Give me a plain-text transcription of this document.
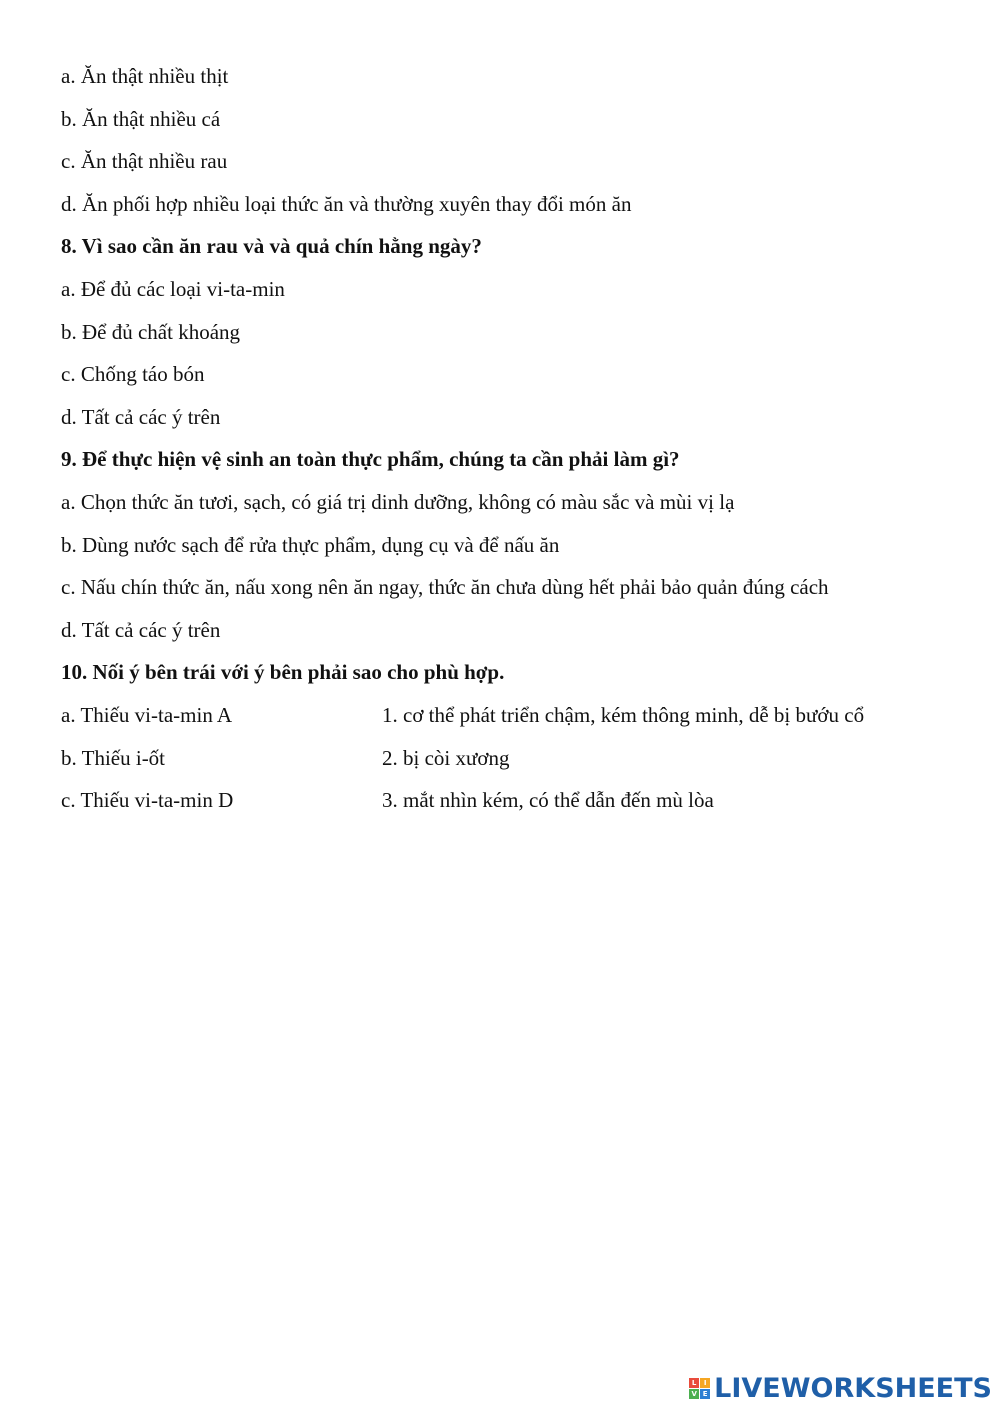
a. Ăn thật nhiều thịt
b. Ăn thật nhiều cá
c. Ăn thật nhiều rau
d. Ăn phối hợp nhiều loại thức ăn và thường xuyên thay đổi món ăn
8. Vì sao cần ăn rau và và quả chín hằng ngày?
a. Để đủ các loại vi-ta-min
b. Để đủ chất khoáng
c. Chống táo bón
d. Tất cả các ý trên
9. Để thực hiện vệ sinh an toàn thực phẩm, chúng ta cần phải làm gì?
a. Chọn thức ăn tươi, sạch, có giá trị dinh dưỡng, không có màu sắc và mùi vị lạ
b. Dùng nước sạch để rửa thực phẩm, dụng cụ và để nấu ăn
c. Nấu chín thức ăn, nấu xong nên ăn ngay, thức ăn chưa dùng hết phải bảo quản đúng cách
d. Tất cả các ý trên
10. Nối ý bên trái với ý bên phải sao cho phù hợp.
a. Thiếu vi-ta-min A	1. cơ thể phát triển chậm, kém thông minh, dễ bị bướu cổ
b. Thiếu i-ốt	2. bị còi xương
c. Thiếu vi-ta-min D	3. mắt nhìn kém, có thể dẫn đến mù lòa
L	I
V E LIVEWORKSHEETS
